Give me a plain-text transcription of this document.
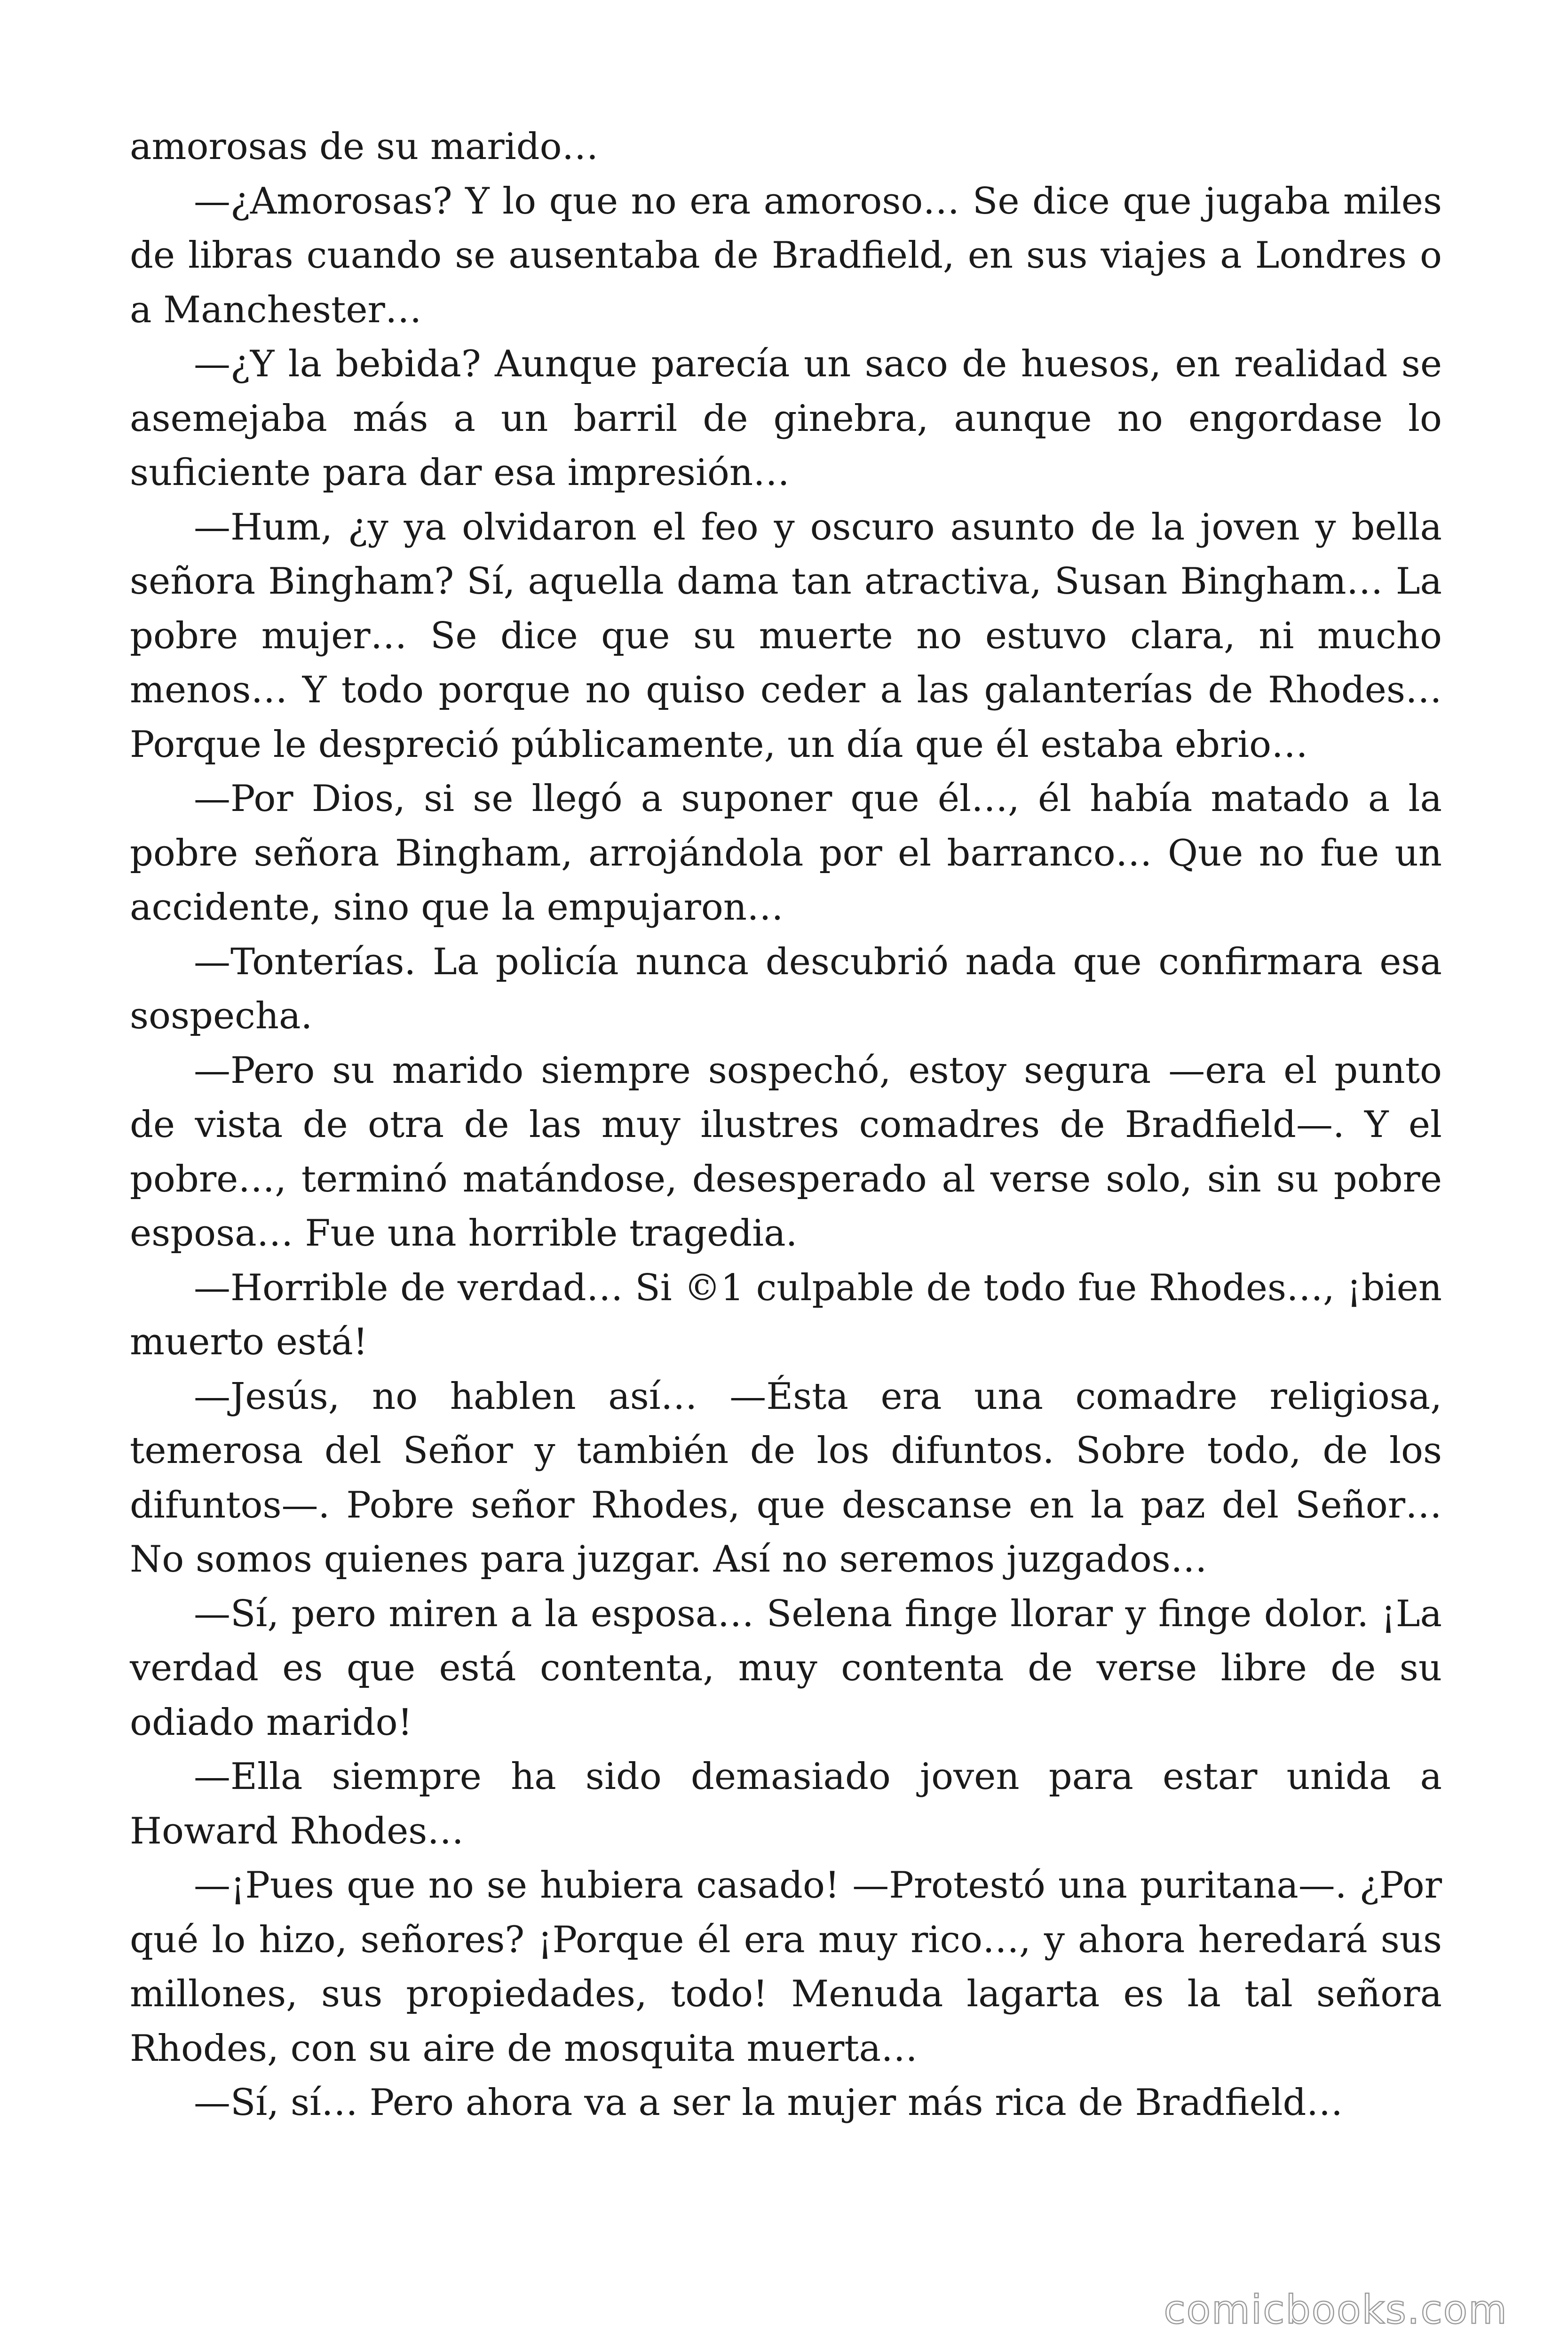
amorosas de su marido…

—¿Amorosas? Y lo que no era amoroso… Se dice que jugaba miles de libras cuando se ausentaba de Bradfield, en sus viajes a Londres o a Manchester…

—¿Y la bebida? Aunque parecía un saco de huesos, en realidad se asemejaba más a un barril de ginebra, aunque no engordase lo suficiente para dar esa impresión…

—Hum, ¿y ya olvidaron el feo y oscuro asunto de la joven y bella señora Bingham? Sí, aquella dama tan atractiva, Susan Bingham… La pobre mujer… Se dice que su muerte no estuvo clara, ni mucho menos… Y todo porque no quiso ceder a las galanterías de Rhodes… Porque le despreció públicamente, un día que él estaba ebrio…

—Por Dios, si se llegó a suponer que él…, él había matado a la pobre señora Bingham, arrojándola por el barranco… Que no fue un accidente, sino que la empujaron…

—Tonterías. La policía nunca descubrió nada que confirmara esa sospecha.

—Pero su marido siempre sospechó, estoy segura —era el punto de vista de otra de las muy ilustres comadres de Bradfield—. Y el pobre…, terminó matándose, desesperado al verse solo, sin su pobre esposa… Fue una horrible tragedia.

—Horrible de verdad… Si ©1 culpable de todo fue Rhodes…, ¡bien muerto está!

—Jesús, no hablen así… —Ésta era una comadre religiosa, temerosa del Señor y también de los difuntos. Sobre todo, de los difuntos—. Pobre señor Rhodes, que descanse en la paz del Señor… No somos quienes para juzgar. Así no seremos juzgados…

—Sí, pero miren a la esposa… Selena finge llorar y finge dolor. ¡La verdad es que está contenta, muy contenta de verse libre de su odiado marido!

—Ella siempre ha sido demasiado joven para estar unida a Howard Rhodes…

—¡Pues que no se hubiera casado! —Protestó una puritana—. ¿Por qué lo hizo, señores? ¡Porque él era muy rico…, y ahora heredará sus millones, sus propiedades, todo! Menuda lagarta es la tal señora Rhodes, con su aire de mosquita muerta…

—Sí, sí… Pero ahora va a ser la mujer más rica de Bradfield…

comicbooks.com
